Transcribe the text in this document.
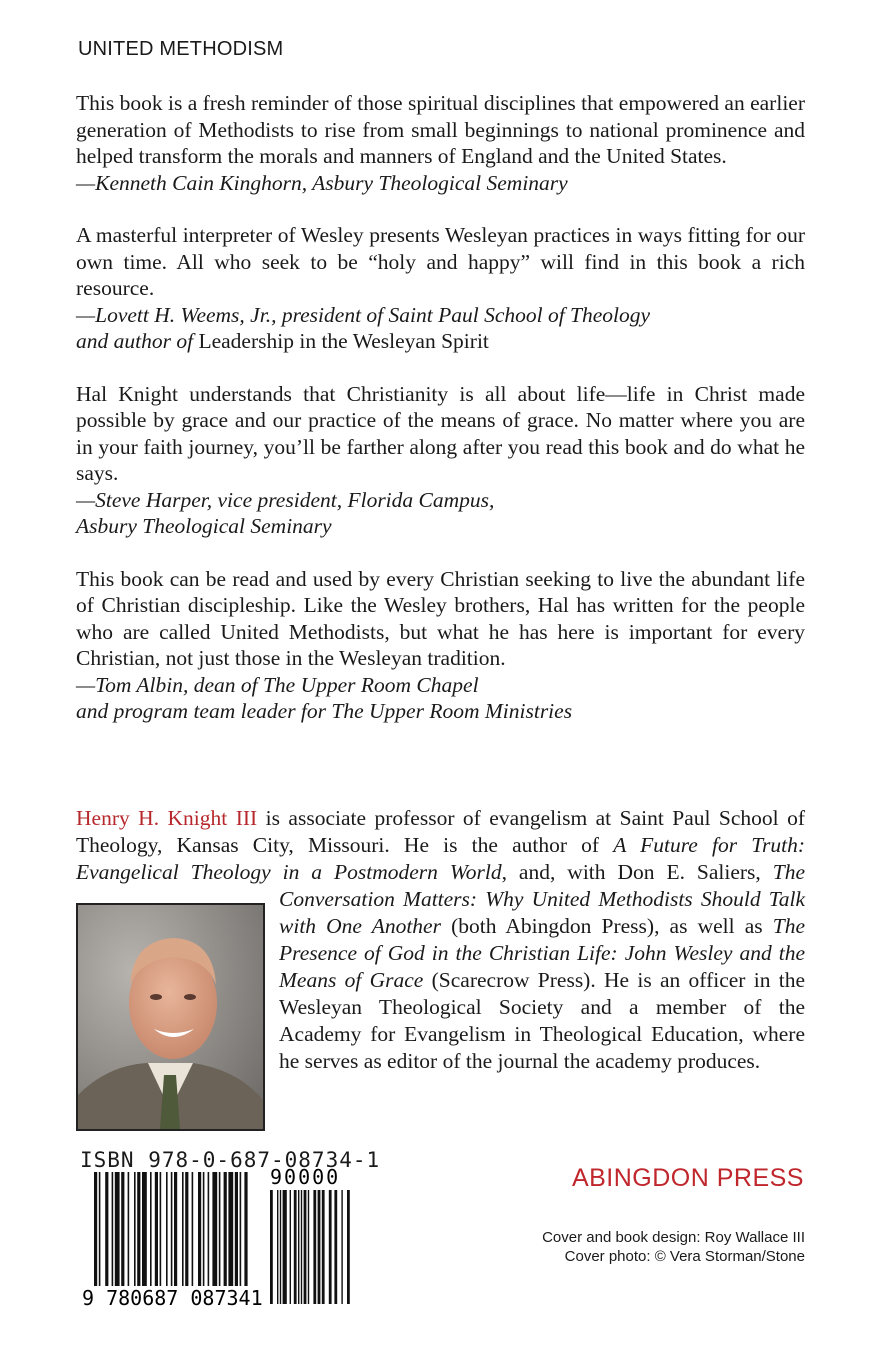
UNITED METHODISM

This book is a fresh reminder of those spiritual disciplines that empowered an earlier generation of Methodists to rise from small beginnings to national prominence and helped transform the morals and manners of England and the United States.

—Kenneth Cain Kinghorn, Asbury Theological Seminary

A masterful interpreter of Wesley presents Wesleyan practices in ways fitting for our own time. All who seek to be “holy and happy” will find in this book a rich resource.

—Lovett H. Weems, Jr., president of Saint Paul School of Theology

and author of Leadership in the Wesleyan Spirit

Hal Knight understands that Christianity is all about life—life in Christ made possible by grace and our practice of the means of grace. No matter where you are in your faith journey, you’ll be farther along after you read this book and do what he says.

—Steve Harper, vice president, Florida Campus,

Asbury Theological Seminary

This book can be read and used by every Christian seeking to live the abundant life of Christian discipleship. Like the Wesley brothers, Hal has written for the people who are called United Methodists, but what he has here is important for every Christian, not just those in the Wesleyan tradition.

—Tom Albin, dean of The Upper Room Chapel

and program team leader for The Upper Room Ministries

Henry H. Knight III is associate professor of evangelism at Saint Paul School of Theology, Kansas City, Missouri. He is the author of A Future for Truth: Evangelical Theology in a Postmodern World, and, with Don E. Saliers,
The Conversation Matters: Why United Methodists Should Talk with One Another (both Abingdon Press), as well as The Presence of God in the Christian Life: John Wesley and the Means of Grace (Scarecrow Press). He is an officer in the Wesleyan Theological Society and a member of the Academy for Evangelism in Theological Education, where he serves as editor of the journal the academy produces.
ISBN 978-0-687-08734-1
90000
9 780687 087341
ABINGDON PRESS
Cover and book design: Roy Wallace III
Cover photo: © Vera Storman/Stone
